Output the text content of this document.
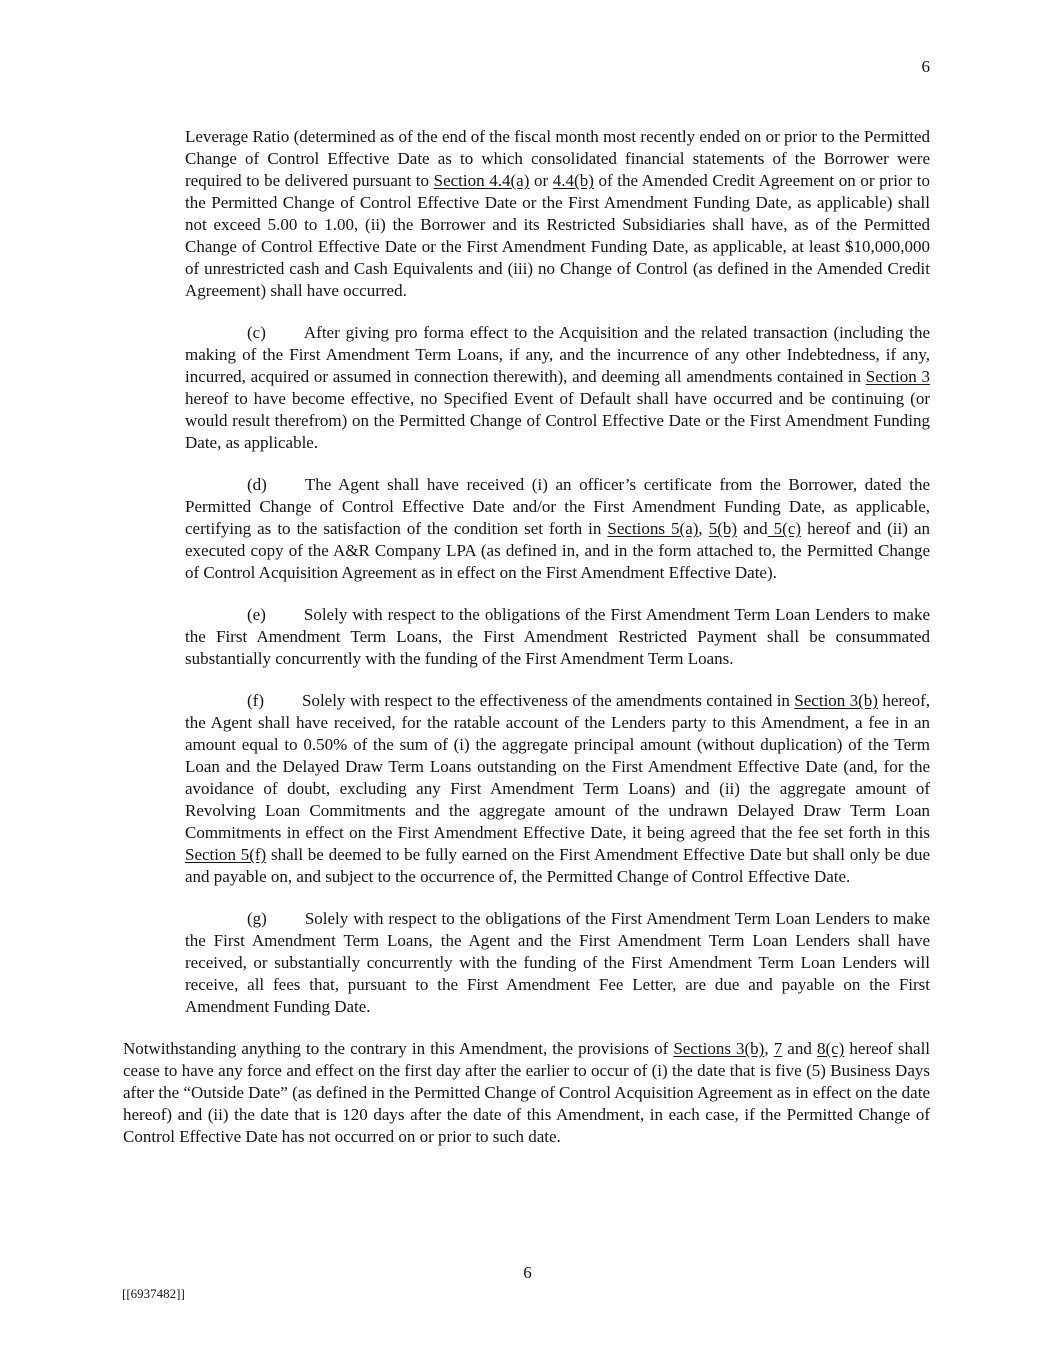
6

Leverage Ratio (determined as of the end of the fiscal month most recently ended on or prior to the Permitted Change of Control Effective Date as to which consolidated financial statements of the Borrower were required to be delivered pursuant to Section 4.4(a) or 4.4(b) of the Amended Credit Agreement on or prior to the Permitted Change of Control Effective Date or the First Amendment Funding Date, as applicable) shall not exceed 5.00 to 1.00, (ii) the Borrower and its Restricted Subsidiaries shall have, as of the Permitted Change of Control Effective Date or the First Amendment Funding Date, as applicable, at least $10,000,000 of unrestricted cash and Cash Equivalents and (iii) no Change of Control (as defined in the Amended Credit Agreement) shall have occurred.

(c) After giving pro forma effect to the Acquisition and the related transaction (including the making of the First Amendment Term Loans, if any, and the incurrence of any other Indebtedness, if any, incurred, acquired or assumed in connection therewith), and deeming all amendments contained in Section 3 hereof to have become effective, no Specified Event of Default shall have occurred and be continuing (or would result therefrom) on the Permitted Change of Control Effective Date or the First Amendment Funding Date, as applicable.

(d) The Agent shall have received (i) an officer’s certificate from the Borrower, dated the Permitted Change of Control Effective Date and/or the First Amendment Funding Date, as applicable, certifying as to the satisfaction of the condition set forth in Sections 5(a), 5(b) and 5(c) hereof and (ii) an executed copy of the A&R Company LPA (as defined in, and in the form attached to, the Permitted Change of Control Acquisition Agreement as in effect on the First Amendment Effective Date).

(e) Solely with respect to the obligations of the First Amendment Term Loan Lenders to make the First Amendment Term Loans, the First Amendment Restricted Payment shall be consummated substantially concurrently with the funding of the First Amendment Term Loans.

(f) Solely with respect to the effectiveness of the amendments contained in Section 3(b) hereof, the Agent shall have received, for the ratable account of the Lenders party to this Amendment, a fee in an amount equal to 0.50% of the sum of (i) the aggregate principal amount (without duplication) of the Term Loan and the Delayed Draw Term Loans outstanding on the First Amendment Effective Date (and, for the avoidance of doubt, excluding any First Amendment Term Loans) and (ii) the aggregate amount of Revolving Loan Commitments and the aggregate amount of the undrawn Delayed Draw Term Loan Commitments in effect on the First Amendment Effective Date, it being agreed that the fee set forth in this Section 5(f) shall be deemed to be fully earned on the First Amendment Effective Date but shall only be due and payable on, and subject to the occurrence of, the Permitted Change of Control Effective Date.

(g) Solely with respect to the obligations of the First Amendment Term Loan Lenders to make the First Amendment Term Loans, the Agent and the First Amendment Term Loan Lenders shall have received, or substantially concurrently with the funding of the First Amendment Term Loan Lenders will receive, all fees that, pursuant to the First Amendment Fee Letter, are due and payable on the First Amendment Funding Date.

Notwithstanding anything to the contrary in this Amendment, the provisions of Sections 3(b), 7 and 8(c) hereof shall cease to have any force and effect on the first day after the earlier to occur of (i) the date that is five (5) Business Days after the “Outside Date” (as defined in the Permitted Change of Control Acquisition Agreement as in effect on the date hereof) and (ii) the date that is 120 days after the date of this Amendment, in each case, if the Permitted Change of Control Effective Date has not occurred on or prior to such date.

6
[[6937482]]
